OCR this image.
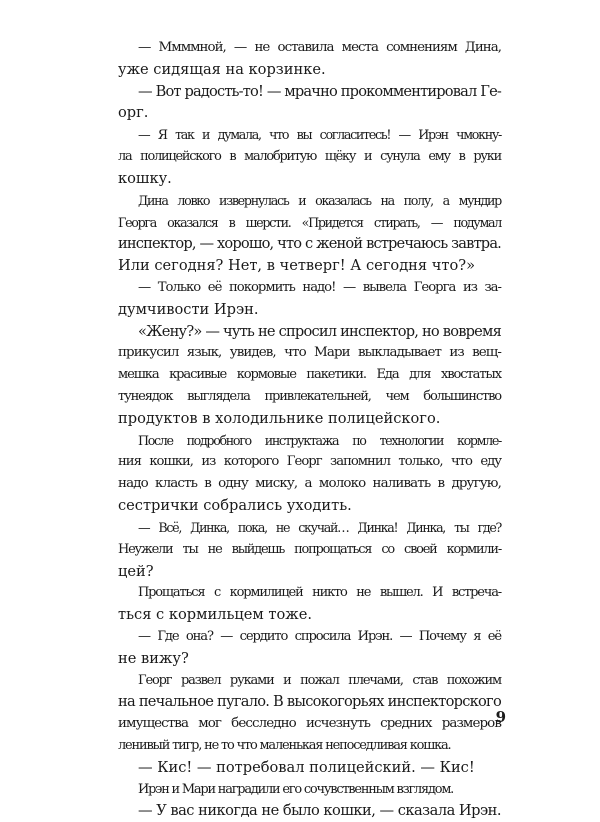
— Ммммной, — не оставила места сомнениям Дина,
уже сидящая на корзинке.
— Вот радость-то! — мрачно прокомментировал Ге-
орг.
— Я так и думала, что вы согласитесь! — Ирэн чмокну-
ла полицейского в малобритую щёку и сунула ему в руки
кошку.
Дина ловко извернулась и оказалась на полу, а мундир
Георга оказался в шерсти. «Придется стирать, — подумал
инспектор, — хорошо, что с женой встречаюсь завтра.
Или сегодня? Нет, в четверг! А сегодня что?»
— Только её покормить надо! — вывела Георга из за-
думчивости Ирэн.
«Жену?» — чуть не спросил инспектор, но вовремя
прикусил язык, увидев, что Мари выкладывает из вещ-
мешка красивые кормовые пакетики. Еда для хвостатых
тунеядок выглядела привлекательней, чем большинство
продуктов в холодильнике полицейского.
После подробного инструктажа по технологии кормле-
ния кошки, из которого Георг запомнил только, что еду
надо класть в одну миску, а молоко наливать в другую,
сестрички собрались уходить.
— Всё, Динка, пока, не скучай… Динка! Динка, ты где?
Неужели ты не выйдешь попрощаться со своей кормили-
цей?
Прощаться с кормилицей никто не вышел. И встреча-
ться с кормильцем тоже.
— Где она? — сердито спросила Ирэн. — Почему я её
не вижу?
Георг развел руками и пожал плечами, став похожим
на печальное пугало. В высокогорьях инспекторского
имущества мог бесследно исчезнуть средних размеров
ленивый тигр, не то что маленькая непоседливая кошка.
— Кис! — потребовал полицейский. — Кис!
Ирэн и Мари наградили его сочувственным взглядом.
— У вас никогда не было кошки, — сказала Ирэн.
9
